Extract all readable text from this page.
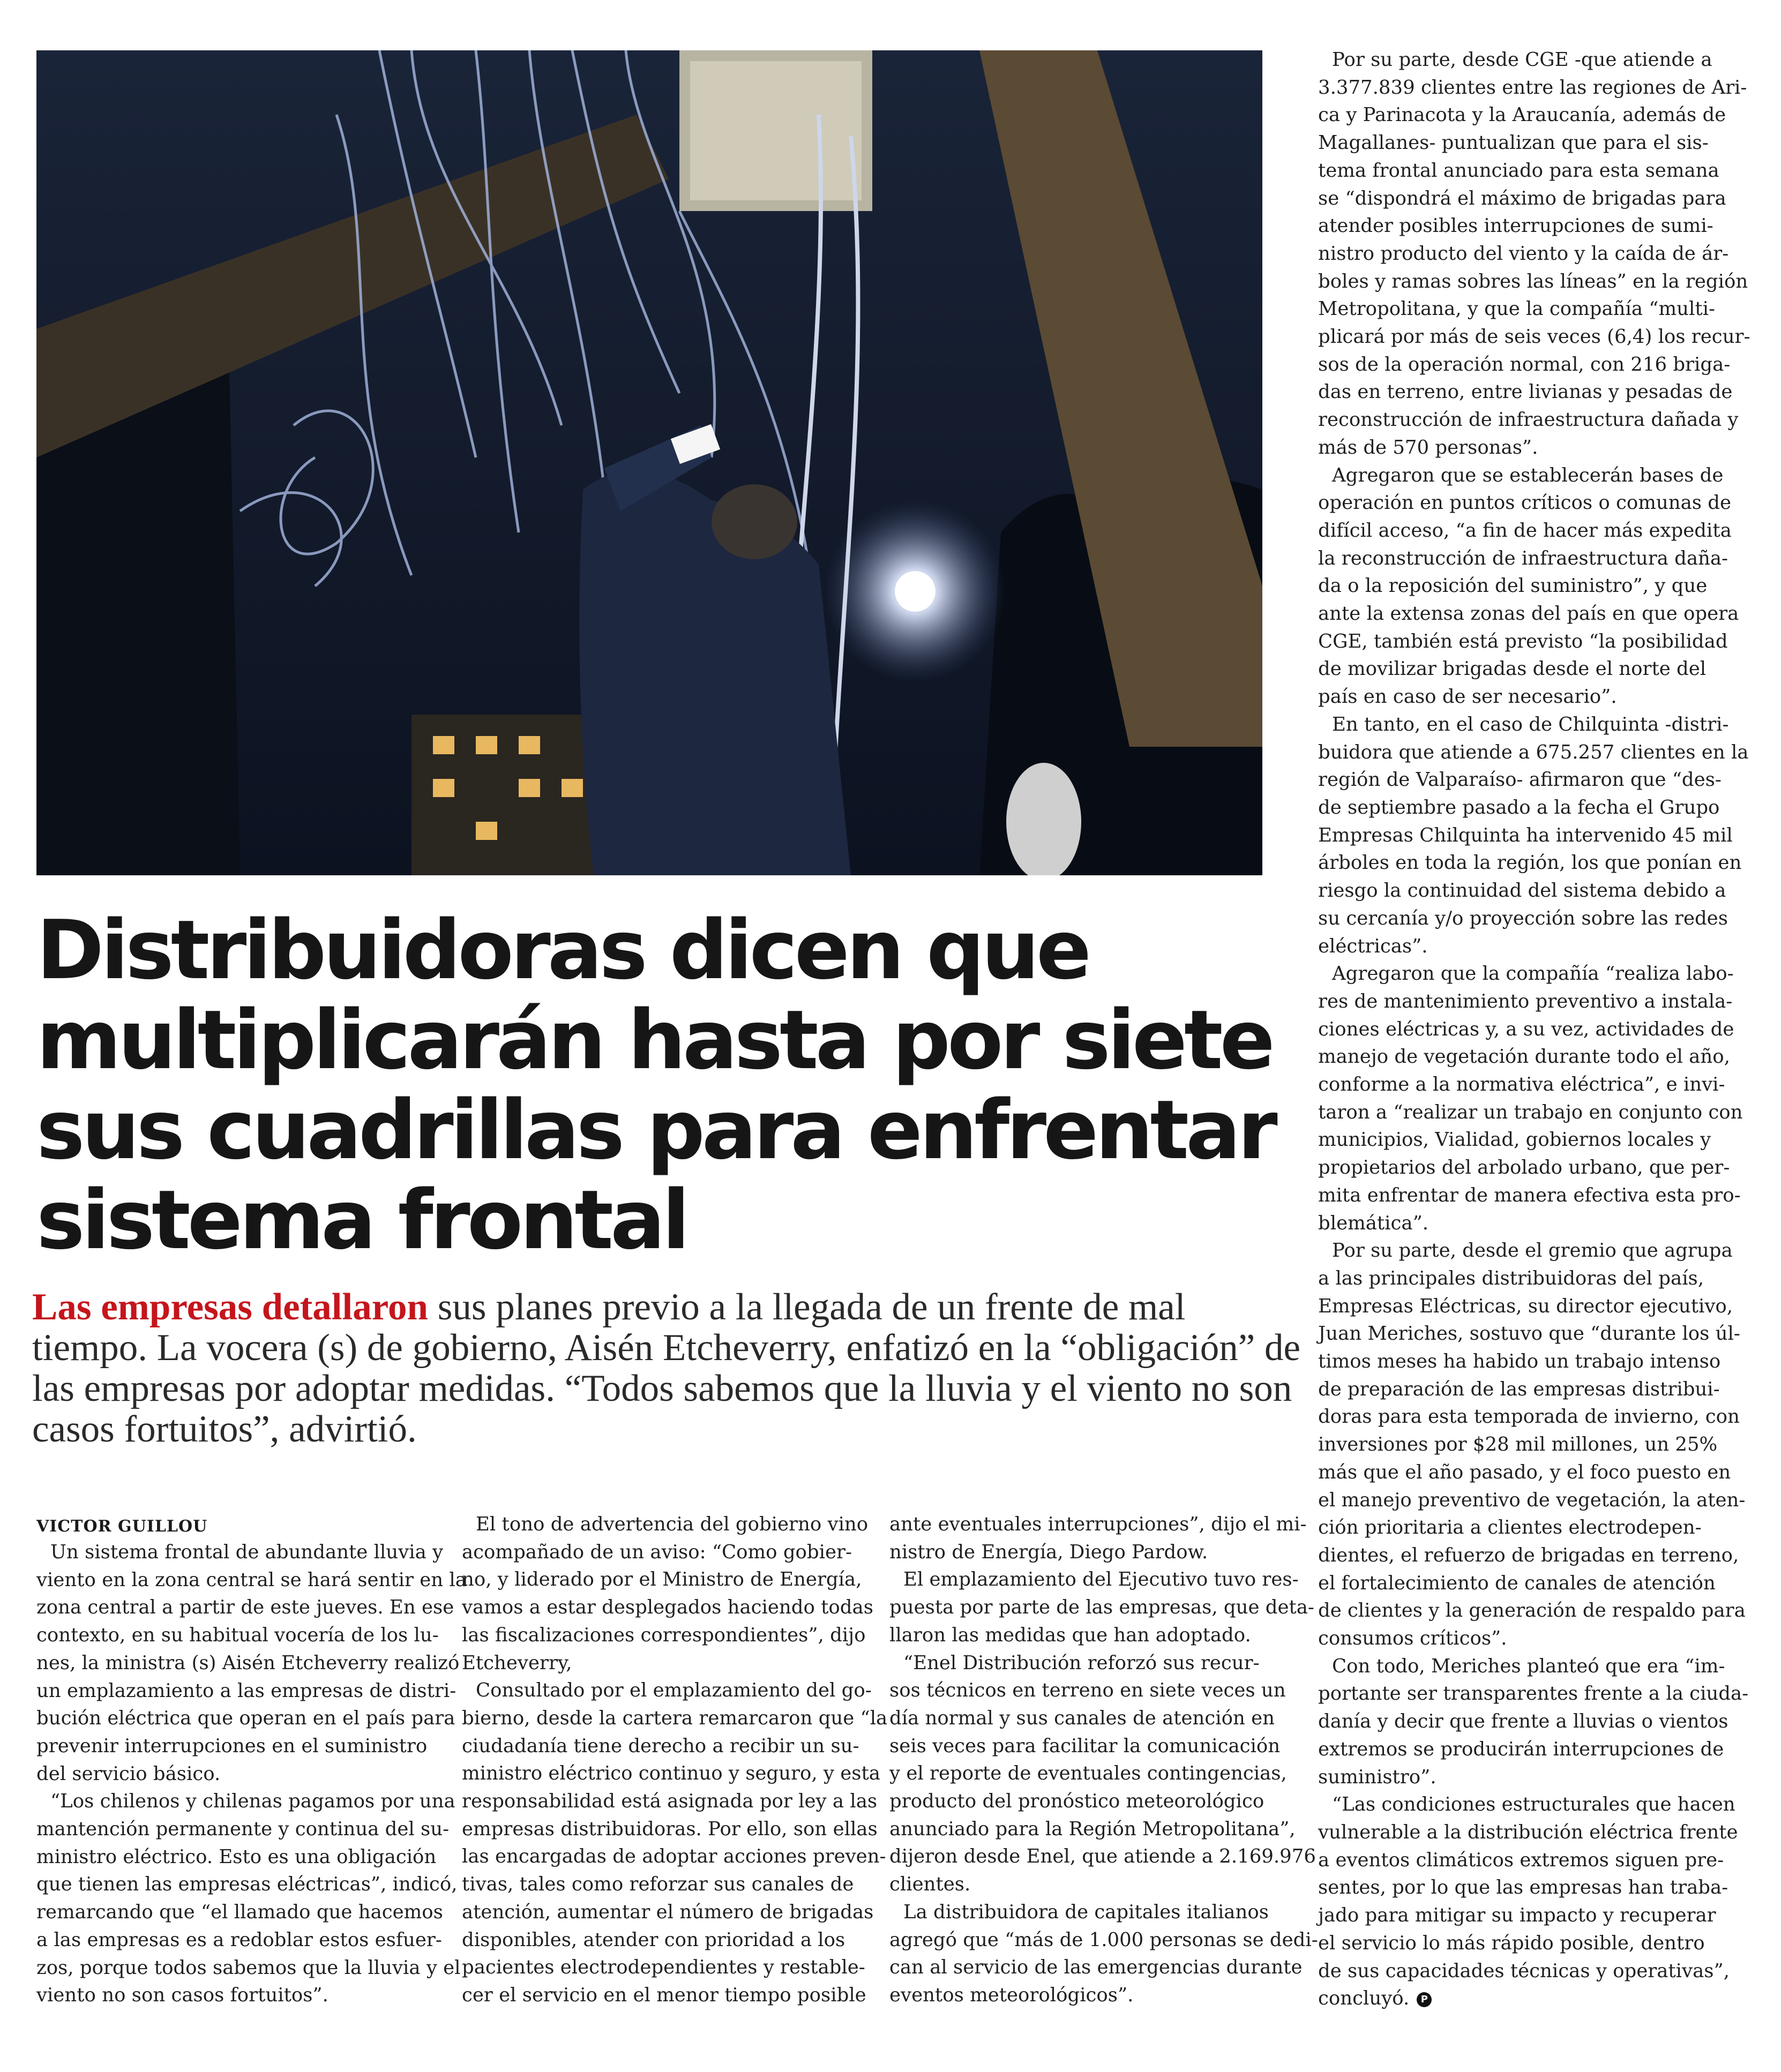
Distribuidoras dicen que
multiplicarán hasta por siete
sus cuadrillas para enfrentar
sistema frontal

Las empresas detallaron sus planes previo a la llegada de un frente de mal
tiempo. La vocera (s) de gobierno, Aisén Etcheverry, enfatizó en la “obligación” de
las empresas por adoptar medidas. “Todos sabemos que la lluvia y el viento no son
casos fortuitos”, advirtió.

VICTOR GUILLOU
Un sistema frontal de abundante lluvia y
viento en la zona central se hará sentir en la
zona central a partir de este jueves. En ese
contexto, en su habitual vocería de los lu-
nes, la ministra (s) Aisén Etcheverry realizó
un emplazamiento a las empresas de distri-
bución eléctrica que operan en el país para
prevenir interrupciones en el suministro
del servicio básico.
“Los chilenos y chilenas pagamos por una
mantención permanente y continua del su-
ministro eléctrico. Esto es una obligación
que tienen las empresas eléctricas”, indicó,
remarcando que “el llamado que hacemos
a las empresas es a redoblar estos esfuer-
zos, porque todos sabemos que la lluvia y el
viento no son casos fortuitos”.
El tono de advertencia del gobierno vino
acompañado de un aviso: “Como gobier-
no, y liderado por el Ministro de Energía,
vamos a estar desplegados haciendo todas
las fiscalizaciones correspondientes”, dijo
Etcheverry,
Consultado por el emplazamiento del go-
bierno, desde la cartera remarcaron que “la
ciudadanía tiene derecho a recibir un su-
ministro eléctrico continuo y seguro, y esta
responsabilidad está asignada por ley a las
empresas distribuidoras. Por ello, son ellas
las encargadas de adoptar acciones preven-
tivas, tales como reforzar sus canales de
atención, aumentar el número de brigadas
disponibles, atender con prioridad a los
pacientes electrodependientes y restable-
cer el servicio en el menor tiempo posible
ante eventuales interrupciones”, dijo el mi-
nistro de Energía, Diego Pardow.
El emplazamiento del Ejecutivo tuvo res-
puesta por parte de las empresas, que deta-
llaron las medidas que han adoptado.
“Enel Distribución reforzó sus recur-
sos técnicos en terreno en siete veces un
día normal y sus canales de atención en
seis veces para facilitar la comunicación
y el reporte de eventuales contingencias,
producto del pronóstico meteorológico
anunciado para la Región Metropolitana”,
dijeron desde Enel, que atiende a 2.169.976
clientes.
La distribuidora de capitales italianos
agregó que “más de 1.000 personas se dedi-
can al servicio de las emergencias durante
eventos meteorológicos”.
Por su parte, desde CGE -que atiende a
3.377.839 clientes entre las regiones de Ari-
ca y Parinacota y la Araucanía, además de
Magallanes- puntualizan que para el sis-
tema frontal anunciado para esta semana
se “dispondrá el máximo de brigadas para
atender posibles interrupciones de sumi-
nistro producto del viento y la caída de ár-
boles y ramas sobres las líneas” en la región
Metropolitana, y que la compañía “multi-
plicará por más de seis veces (6,4) los recur-
sos de la operación normal, con 216 briga-
das en terreno, entre livianas y pesadas de
reconstrucción de infraestructura dañada y
más de 570 personas”.
Agregaron que se establecerán bases de
operación en puntos críticos o comunas de
difícil acceso, “a fin de hacer más expedita
la reconstrucción de infraestructura daña-
da o la reposición del suministro”, y que
ante la extensa zonas del país en que opera
CGE, también está previsto “la posibilidad
de movilizar brigadas desde el norte del
país en caso de ser necesario”.
En tanto, en el caso de Chilquinta -distri-
buidora que atiende a 675.257 clientes en la
región de Valparaíso- afirmaron que “des-
de septiembre pasado a la fecha el Grupo
Empresas Chilquinta ha intervenido 45 mil
árboles en toda la región, los que ponían en
riesgo la continuidad del sistema debido a
su cercanía y/o proyección sobre las redes
eléctricas”.
Agregaron que la compañía “realiza labo-
res de mantenimiento preventivo a instala-
ciones eléctricas y, a su vez, actividades de
manejo de vegetación durante todo el año,
conforme a la normativa eléctrica”, e invi-
taron a “realizar un trabajo en conjunto con
municipios, Vialidad, gobiernos locales y
propietarios del arbolado urbano, que per-
mita enfrentar de manera efectiva esta pro-
blemática”.
Por su parte, desde el gremio que agrupa
a las principales distribuidoras del país,
Empresas Eléctricas, su director ejecutivo,
Juan Meriches, sostuvo que “durante los úl-
timos meses ha habido un trabajo intenso
de preparación de las empresas distribui-
doras para esta temporada de invierno, con
inversiones por $28 mil millones, un 25%
más que el año pasado, y el foco puesto en
el manejo preventivo de vegetación, la aten-
ción prioritaria a clientes electrodepen-
dientes, el refuerzo de brigadas en terreno,
el fortalecimiento de canales de atención
de clientes y la generación de respaldo para
consumos críticos”.
Con todo, Meriches planteó que era “im-
portante ser transparentes frente a la ciuda-
danía y decir que frente a lluvias o vientos
extremos se producirán interrupciones de
suministro”.
“Las condiciones estructurales que hacen
vulnerable a la distribución eléctrica frente
a eventos climáticos extremos siguen pre-
sentes, por lo que las empresas han traba-
jado para mitigar su impacto y recuperar
el servicio lo más rápido posible, dentro
de sus capacidades técnicas y operativas”,
concluyó. P
